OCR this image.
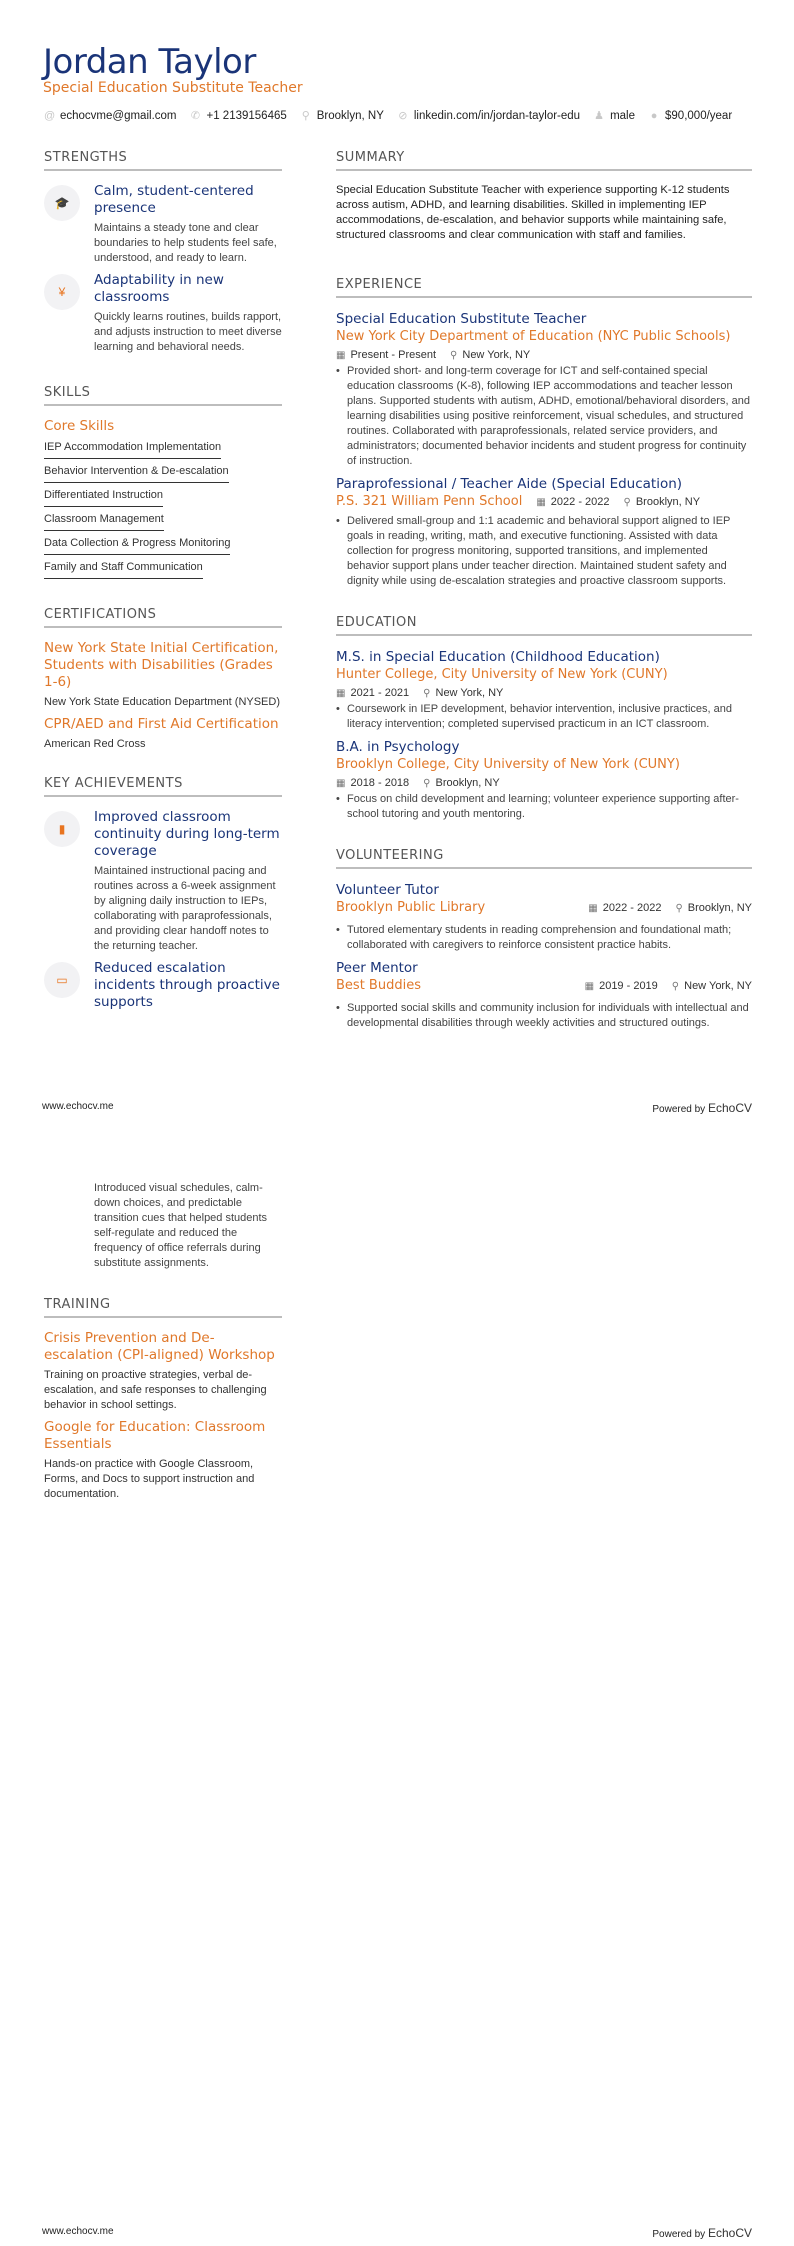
Jordan Taylor
Special Education Substitute Teacher
@ echocvme@gmail.com ✆ +1 2139156465 ⚲ Brooklyn, NY ⊘ linkedin.com/in/jordan-taylor-edu ♟ male ● $90,000/year
STRENGTHS
🎓
Calm, student-centered presence
Maintains a steady tone and clear boundaries to help students feel safe, understood, and ready to learn.
¥
Adaptability in new classrooms
Quickly learns routines, builds rapport, and adjusts instruction to meet diverse learning and behavioral needs.
SKILLS
Core Skills
IEP Accommodation Implementation
Behavior Intervention & De-escalation
Differentiated Instruction
Classroom Management
Data Collection & Progress Monitoring
Family and Staff Communication
CERTIFICATIONS
New York State Initial Certification, Students with Disabilities (Grades 1-6)
New York State Education Department (NYSED)
CPR/AED and First Aid Certification
American Red Cross
KEY ACHIEVEMENTS
▮
Improved classroom continuity during long-term coverage
Maintained instructional pacing and routines across a 6-week assignment by aligning daily instruction to IEPs, collaborating with paraprofessionals, and providing clear handoff notes to the returning teacher.
▭
Reduced escalation incidents through proactive supports
SUMMARY
Special Education Substitute Teacher with experience supporting K-12 students across autism, ADHD, and learning disabilities. Skilled in implementing IEP accommodations, de-escalation, and behavior supports while maintaining safe, structured classrooms and clear communication with staff and families.
EXPERIENCE
Special Education Substitute Teacher
New York City Department of Education (NYC Public Schools)
▦ Present - Present ⚲ New York, NY
• Provided short- and long-term coverage for ICT and self-contained special education classrooms (K-8), following IEP accommodations and teacher lesson plans. Supported students with autism, ADHD, emotional/behavioral disorders, and learning disabilities using positive reinforcement, visual schedules, and structured routines. Collaborated with paraprofessionals, related service providers, and administrators; documented behavior incidents and student progress for continuity of instruction.
Paraprofessional / Teacher Aide (Special Education)
P.S. 321 William Penn School ▦ 2022 - 2022 ⚲ Brooklyn, NY
• Delivered small-group and 1:1 academic and behavioral support aligned to IEP goals in reading, writing, math, and executive functioning. Assisted with data collection for progress monitoring, supported transitions, and implemented behavior support plans under teacher direction. Maintained student safety and dignity while using de-escalation strategies and proactive classroom supports.
EDUCATION
M.S. in Special Education (Childhood Education)
Hunter College, City University of New York (CUNY)
▦ 2021 - 2021 ⚲ New York, NY
• Coursework in IEP development, behavior intervention, inclusive practices, and literacy intervention; completed supervised practicum in an ICT classroom.
B.A. in Psychology
Brooklyn College, City University of New York (CUNY)
▦ 2018 - 2018 ⚲ Brooklyn, NY
• Focus on child development and learning; volunteer experience supporting after-school tutoring and youth mentoring.
VOLUNTEERING
Volunteer Tutor
Brooklyn Public Library	▦ 2022 - 2022 ⚲ Brooklyn, NY
• Tutored elementary students in reading comprehension and foundational math; collaborated with caregivers to reinforce consistent practice habits.
Peer Mentor
Best Buddies	▦ 2019 - 2019 ⚲ New York, NY
• Supported social skills and community inclusion for individuals with intellectual and developmental disabilities through weekly activities and structured outings.
www.echocv.me	Powered by EchoCV
Introduced visual schedules, calm-down choices, and predictable transition cues that helped students self-regulate and reduced the frequency of office referrals during substitute assignments.
TRAINING
Crisis Prevention and De-escalation (CPI-aligned) Workshop
Training on proactive strategies, verbal de-escalation, and safe responses to challenging behavior in school settings.
Google for Education: Classroom Essentials
Hands-on practice with Google Classroom, Forms, and Docs to support instruction and documentation.
www.echocv.me	Powered by EchoCV
